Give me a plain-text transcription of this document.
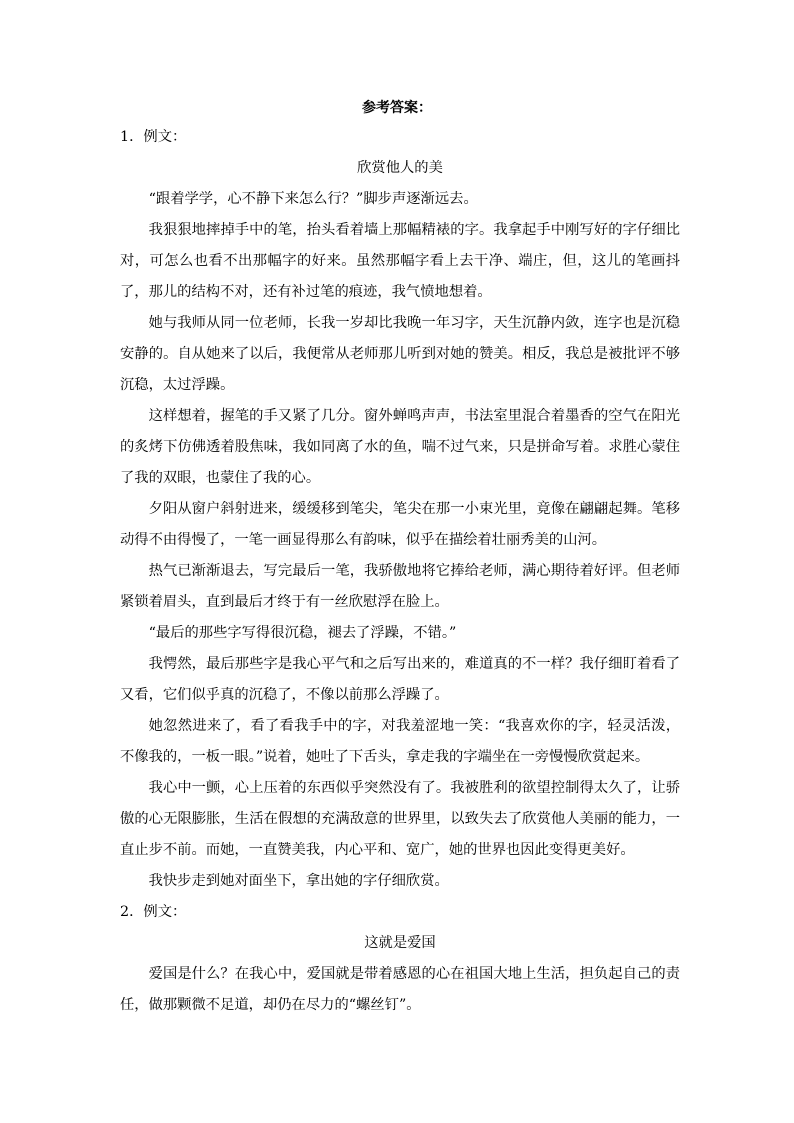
参考答案：

1．例文：

欣赏他人的美

“跟着学学，心不静下来怎么行？”脚步声逐渐远去。

我狠狠地摔掉手中的笔，抬头看着墙上那幅精裱的字。我拿起手中刚写好的字仔细比对，可怎么也看不出那幅字的好来。虽然那幅字看上去干净、端庄，但，这儿的笔画抖了，那儿的结构不对，还有补过笔的痕迹，我气愤地想着。

她与我师从同一位老师，长我一岁却比我晚一年习字，天生沉静内敛，连字也是沉稳安静的。自从她来了以后，我便常从老师那儿听到对她的赞美。相反，我总是被批评不够沉稳，太过浮躁。

这样想着，握笔的手又紧了几分。窗外蝉鸣声声，书法室里混合着墨香的空气在阳光的炙烤下仿佛透着股焦味，我如同离了水的鱼，喘不过气来，只是拼命写着。求胜心蒙住了我的双眼，也蒙住了我的心。

夕阳从窗户斜射进来，缓缓移到笔尖，笔尖在那一小束光里，竟像在翩翩起舞。笔移动得不由得慢了，一笔一画显得那么有韵味，似乎在描绘着壮丽秀美的山河。

热气已渐渐退去，写完最后一笔，我骄傲地将它捧给老师，满心期待着好评。但老师紧锁着眉头，直到最后才终于有一丝欣慰浮在脸上。

“最后的那些字写得很沉稳，褪去了浮躁，不错。”

我愕然，最后那些字是我心平气和之后写出来的，难道真的不一样？我仔细盯着看了又看，它们似乎真的沉稳了，不像以前那么浮躁了。

她忽然进来了，看了看我手中的字，对我羞涩地一笑：“我喜欢你的字，轻灵活泼，不像我的，一板一眼。”说着，她吐了下舌头，拿走我的字端坐在一旁慢慢欣赏起来。

我心中一颤，心上压着的东西似乎突然没有了。我被胜利的欲望控制得太久了，让骄傲的心无限膨胀，生活在假想的充满敌意的世界里，以致失去了欣赏他人美丽的能力，一直止步不前。而她，一直赞美我，内心平和、宽广，她的世界也因此变得更美好。

我快步走到她对面坐下，拿出她的字仔细欣赏。

2．例文：

这就是爱国

爱国是什么？在我心中，爱国就是带着感恩的心在祖国大地上生活，担负起自己的责任，做那颗微不足道，却仍在尽力的“螺丝钉”。
